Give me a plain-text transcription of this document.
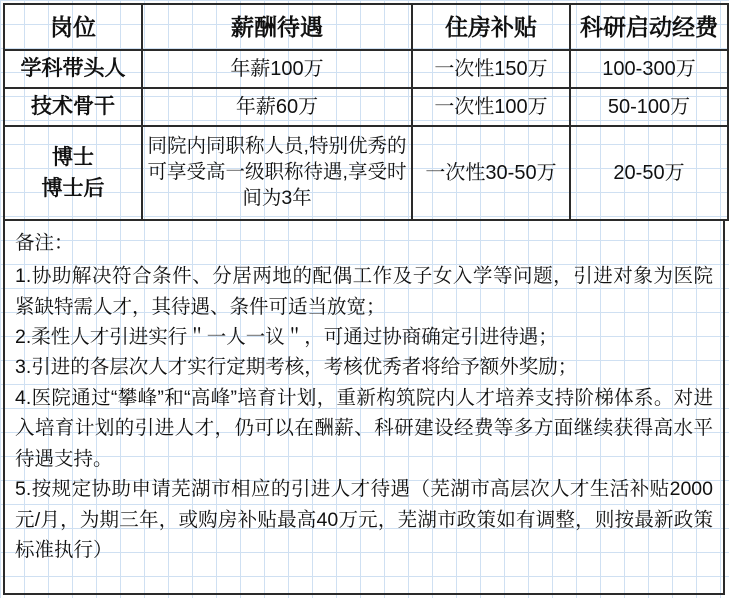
岗位	薪酬待遇	住房补贴	科研启动经费
学科带头人	年薪100万	一次性150万	100-300万
技术骨干	年薪60万	一次性100万	50-100万

博士
博士后	同院内同职称人员,特别优秀的可享受高一级职称待遇,享受时间为3年	一次性30-50万	20-50万

备注：

1.协助解决符合条件、分居两地的配偶工作及子女入学等问题，引进对象为医院紧缺特需人才，其待遇、条件可适当放宽；

2.柔性人才引进实行＂一人一议＂，可通过协商确定引进待遇；

3.引进的各层次人才实行定期考核，考核优秀者将给予额外奖励；

4.医院通过“攀峰”和“高峰”培育计划，重新构筑院内人才培养支持阶梯体系。对进入培育计划的引进人才，仍可以在酬薪、科研建设经费等多方面继续获得高水平待遇支持。

5.按规定协助申请芜湖市相应的引进人才待遇（芜湖市高层次人才生活补贴2000元/月，为期三年，或购房补贴最高40万元，芜湖市政策如有调整，则按最新政策标准执行）
